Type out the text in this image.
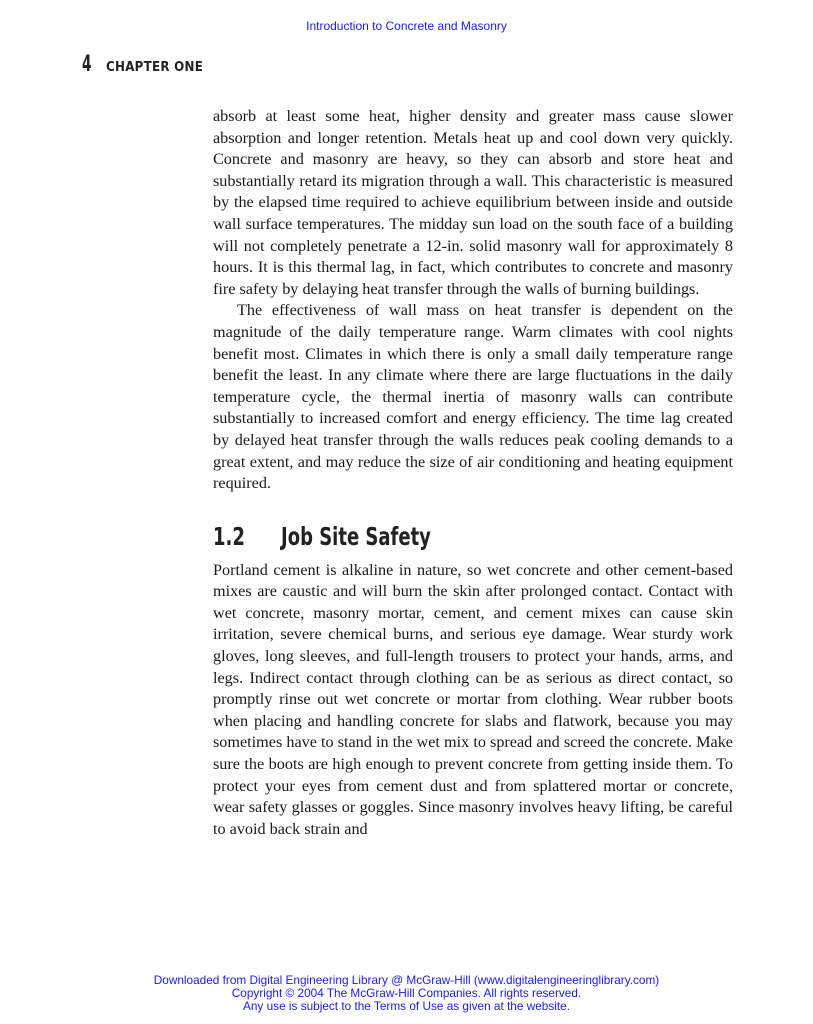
Introduction to Concrete and Masonry
4 CHAPTER ONE

absorb at least some heat, higher density and greater mass cause slower absorption and longer retention. Metals heat up and cool down very quickly. Concrete and masonry are heavy, so they can absorb and store heat and substantially retard its migration through a wall. This characteristic is measured by the elapsed time required to achieve equilibrium between inside and outside wall surface temperatures. The midday sun load on the south face of a building will not completely penetrate a 12-in. solid masonry wall for approximately 8 hours. It is this thermal lag, in fact, which contributes to concrete and masonry fire safety by delaying heat transfer through the walls of burning buildings.

The effectiveness of wall mass on heat transfer is dependent on the magnitude of the daily temperature range. Warm climates with cool nights benefit most. Climates in which there is only a small daily temperature range benefit the least. In any climate where there are large fluctuations in the daily temperature cycle, the thermal inertia of masonry walls can contribute substantially to increased comfort and energy efficiency. The time lag created by delayed heat transfer through the walls reduces peak cooling demands to a great extent, and may reduce the size of air conditioning and heating equipment required.

1.2	Job Site Safety

Portland cement is alkaline in nature, so wet concrete and other cement-based mixes are caustic and will burn the skin after prolonged contact. Contact with wet concrete, masonry mortar, cement, and cement mixes can cause skin irritation, severe chemical burns, and serious eye damage. Wear sturdy work gloves, long sleeves, and full-length trousers to protect your hands, arms, and legs. Indirect contact through clothing can be as serious as direct contact, so promptly rinse out wet concrete or mortar from clothing. Wear rubber boots when placing and handling concrete for slabs and flatwork, because you may sometimes have to stand in the wet mix to spread and screed the concrete. Make sure the boots are high enough to prevent concrete from getting inside them. To protect your eyes from cement dust and from splattered mortar or concrete, wear safety glasses or goggles. Since masonry involves heavy lifting, be careful to avoid back strain and

Downloaded from Digital Engineering Library @ McGraw-Hill (www.digitalengineeringlibrary.com)
Copyright © 2004 The McGraw-Hill Companies. All rights reserved.
Any use is subject to the Terms of Use as given at the website.
